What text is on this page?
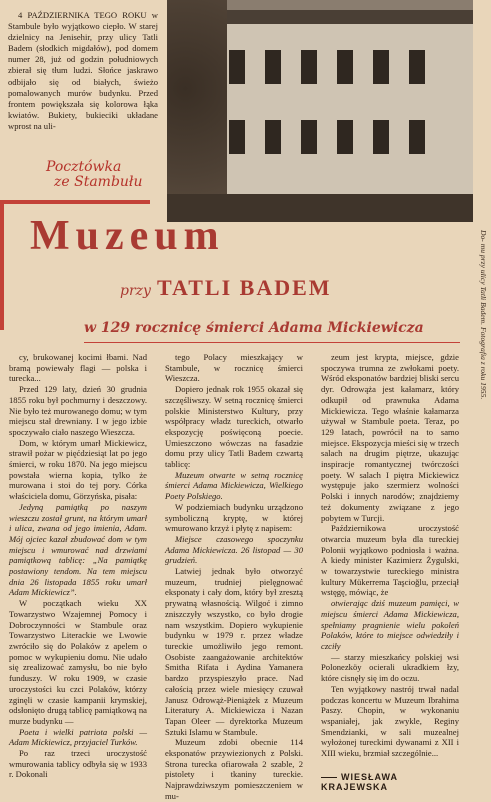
4 PAŹDZIERNIKA TEGO ROKU w Stambule było wyjątkowo ciepło. W starej dzielnicy na Jenisehir, przy ulicy Tatli Badem (słodkich migdałów), pod domem numer 28, już od godzin południowych zbierał się tłum ludzi. Słońce jaskrawo odbijało się od białych, świeżo pomalowanych murów budynku. Przed frontem powiększała się kolorowa łąka kwiatów. Bukiety, bukieciki układane wprost na uli-

Pocztówka
ze Stambułu
Do- mu przy ulicy Tatli Badem. Fotografia z roku 1955.
Muzeum
przy TATLI BADEM
w 129 rocznicę śmierci Adama Mickiewicza

cy, brukowanej kocimi łbami. Nad bramą powiewały flagi — polska i turecka...

Przed 129 laty, dzień 30 grudnia 1855 roku był pochmurny i deszczowy. Nie było też murowanego domu; w tym miejscu stał drewniany. I w jego izbie spoczywało ciało naszego Wieszcza.

Dom, w którym umarł Mickiewicz, strawił pożar w pięćdziesiąt lat po jego śmierci, w roku 1870. Na jego miejscu powstała wierna kopia, tylko że murowana i stoi do tej pory. Córka właściciela domu, Görzyńska, pisała:

Jedyną pamiątką po naszym wieszczu został grunt, na którym umarł i ulica, zwana od jego imienia, Adam. Mój ojciec kazał zbudować dom w tym miejscu i wmurować nad drzwiami pamiątkową tablicę: „Na pamiątkę postawiony tendom. Na tem miejscu dnia 26 listopada 1855 roku umarł Adam Mickiewicz”.

W początkach wieku XX Towarzystwo Wzajemnej Pomocy i Dobroczynności w Stambule oraz Towarzystwo Literackie we Lwowie zwróciło się do Polaków z apelem o pomoc w wykupieniu domu. Nie udało się zrealizować zamysłu, bo nie było funduszy. W roku 1909, w czasie uroczystości ku czci Polaków, którzy zginęli w czasie kampanii krymskiej, odsłonięto drugą tablicę pamiątkową na murze budynku —

Poeta i wielki patriota polski — Adam Mickiewicz, przyjaciel Turków.

Po raz trzeci uroczystość wmurowania tablicy odbyła się w 1933 r. Dokonali

tego Polacy mieszkający w Stambule, w rocznicę śmierci Wieszcza.

Dopiero jednak rok 1955 okazał się szczęśliwszy. W setną rocznicę śmierci polskie Ministerstwo Kultury, przy współpracy władz tureckich, otwarło ekspozycję poświęconą poecie. Umieszczono wówczas na fasadzie domu przy ulicy Tatli Badem czwartą tablicę:

Muzeum otwarte w setną rocznicę śmierci Adama Mickiewicza, Wielkiego Poety Polskiego.

W podziemiach budynku urządzono symboliczną kryptę, w której wmurowano krzyż i płytę z napisem:

Miejsce czasowego spoczynku Adama Mickiewicza. 26 listopad — 30 grudzień.

Latwiej jednak było otworzyć muzeum, trudniej pielęgnować eksponaty i cały dom, który był zresztą prywatną własnością. Wilgoć i zimno zniszczyły wszystko, co było drogie nam wszystkim. Dopiero wykupienie budynku w 1979 r. przez władze tureckie umożliwiło jego remont. Osobiste zaangażowanie architektów Smitha Rifata i Aydina Yamanera bardzo przyspieszyło prace. Nad całością przez wiele miesięcy czuwał Janusz Odrowąż-Pieniążek z Muzeum Literatury A. Mickiewicza i Nazan Tapan Oleer — dyrektorka Muzeum Sztuki Islamu w Stambule.

Muzeum zdobi obecnie 114 eksponatów przywiezionych z Polski. Strona turecka ofiarowała 2 szable, 2 pistolety i tkaniny tureckie. Najprawdziwszym pomieszczeniem w mu-

zeum jest krypta, miejsce, gdzie spoczywa trumna ze zwłokami poety. Wśród eksponatów bardziej bliski sercu dyr. Odrowąża jest kałamarz, który odkupił od prawnuka Adama Mickiewicza. Tego właśnie kałamarza używał w Stambule poeta. Teraz, po 129 latach, powrócił na to samo miejsce. Ekspozycja mieści się w trzech salach na drugim piętrze, ukazując inspiracje romantycznej twórczości poety. W salach I piętra Mickiewicz występuje jako szermierz wolności Polski i innych narodów; znajdziemy też dokumenty związane z jego pobytem w Turcji.

Październikowa uroczystość otwarcia muzeum była dla tureckiej Polonii wyjątkowo podniosła i ważna. A kiedy minister Kazimierz Żygulski, w towarzystwie tureckiego ministra kultury Mükerrema Taşcioğlu, przeciął wstęgę, mówiąc, że

otwierając dziś muzeum pamięci, w miejscu śmierci Adama Mickiewicza, spełniamy pragnienie wielu pokoleń Polaków, które to miejsce odwiedziły i czciły

— starzy mieszkańcy polskiej wsi Polonezköy ocierali ukradkiem łzy, które cisnęły się im do oczu.

Ten wyjątkowy nastrój trwał nadal podczas koncertu w Muzeum Ibrahima Paszy. Chopin, w wykonaniu wspaniałej, jak zwykle, Reginy Smendzianki, w sali muzealnej wyłożonej tureckimi dywanami z XII i XIII wieku, brzmiał szczególnie...

WIESŁAWA KRAJEWSKA
